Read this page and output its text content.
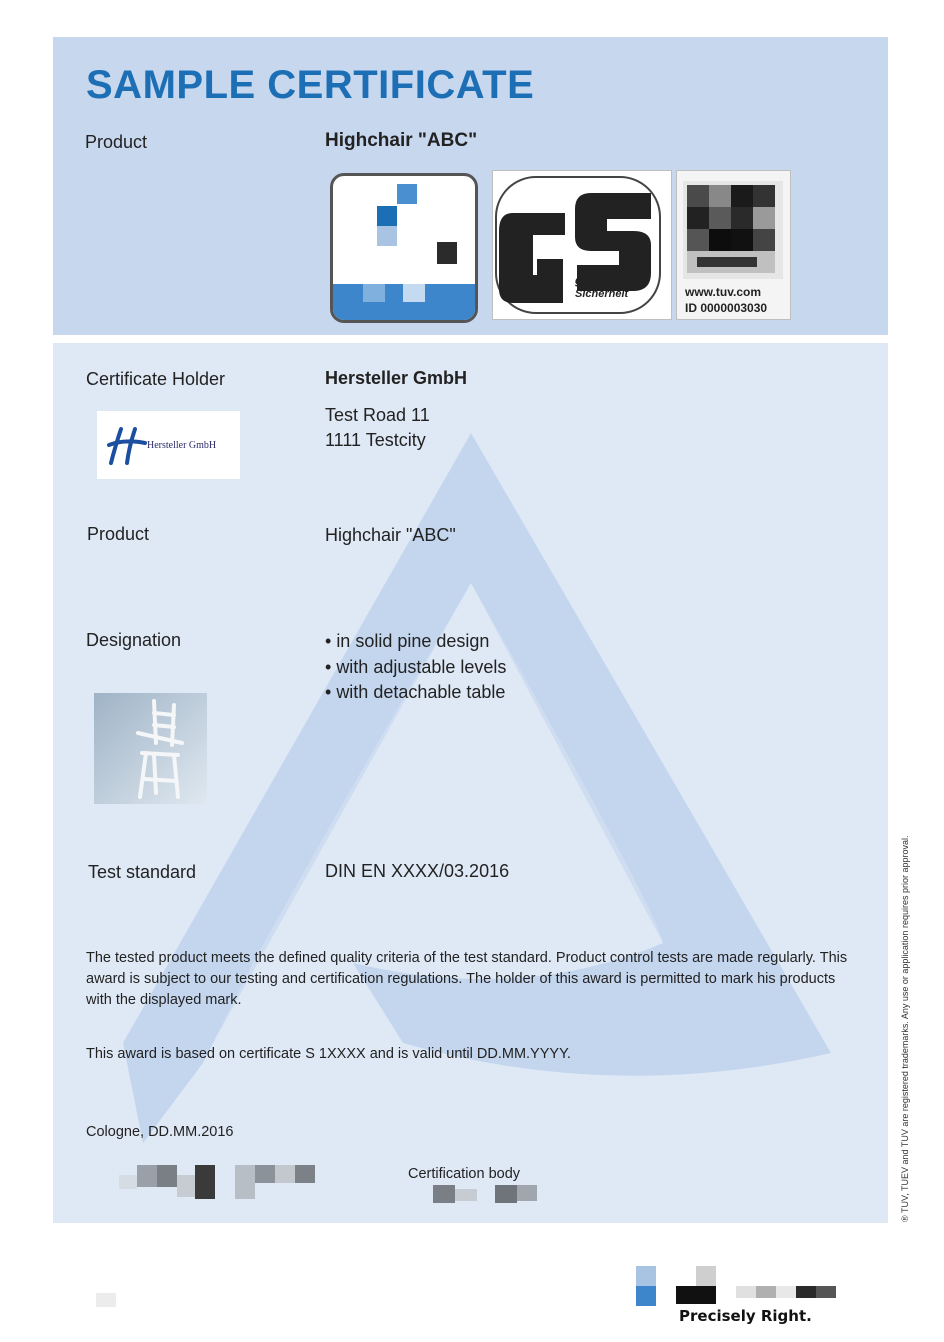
SAMPLE CERTIFICATE
Product	Highchair "ABC"
geprüfte
Sicherheit	www.tuv.com
ID 0000003030
Certificate Holder	Hersteller GmbH
Test Road 11
1111 Testcity
Hersteller GmbH
Product	Highchair "ABC"
Designation
•	in solid pine design
• with adjustable levels
• with detachable table
Test standard	DIN EN XXXX/03.2016

The tested product meets the defined quality criteria of the test standard. Product control tests are made regularly. This award is subject to our testing and certification regulations. The holder of this award is permitted to mark his products with the displayed mark.

This award is based on certificate S 1XXXX and is valid until DD.MM.YYYY.

Cologne, DD.MM.2016
Certification body	® TUV, TUEV and TUV are registered trademarks. Any use or application requires prior approval.
Precisely Right.
